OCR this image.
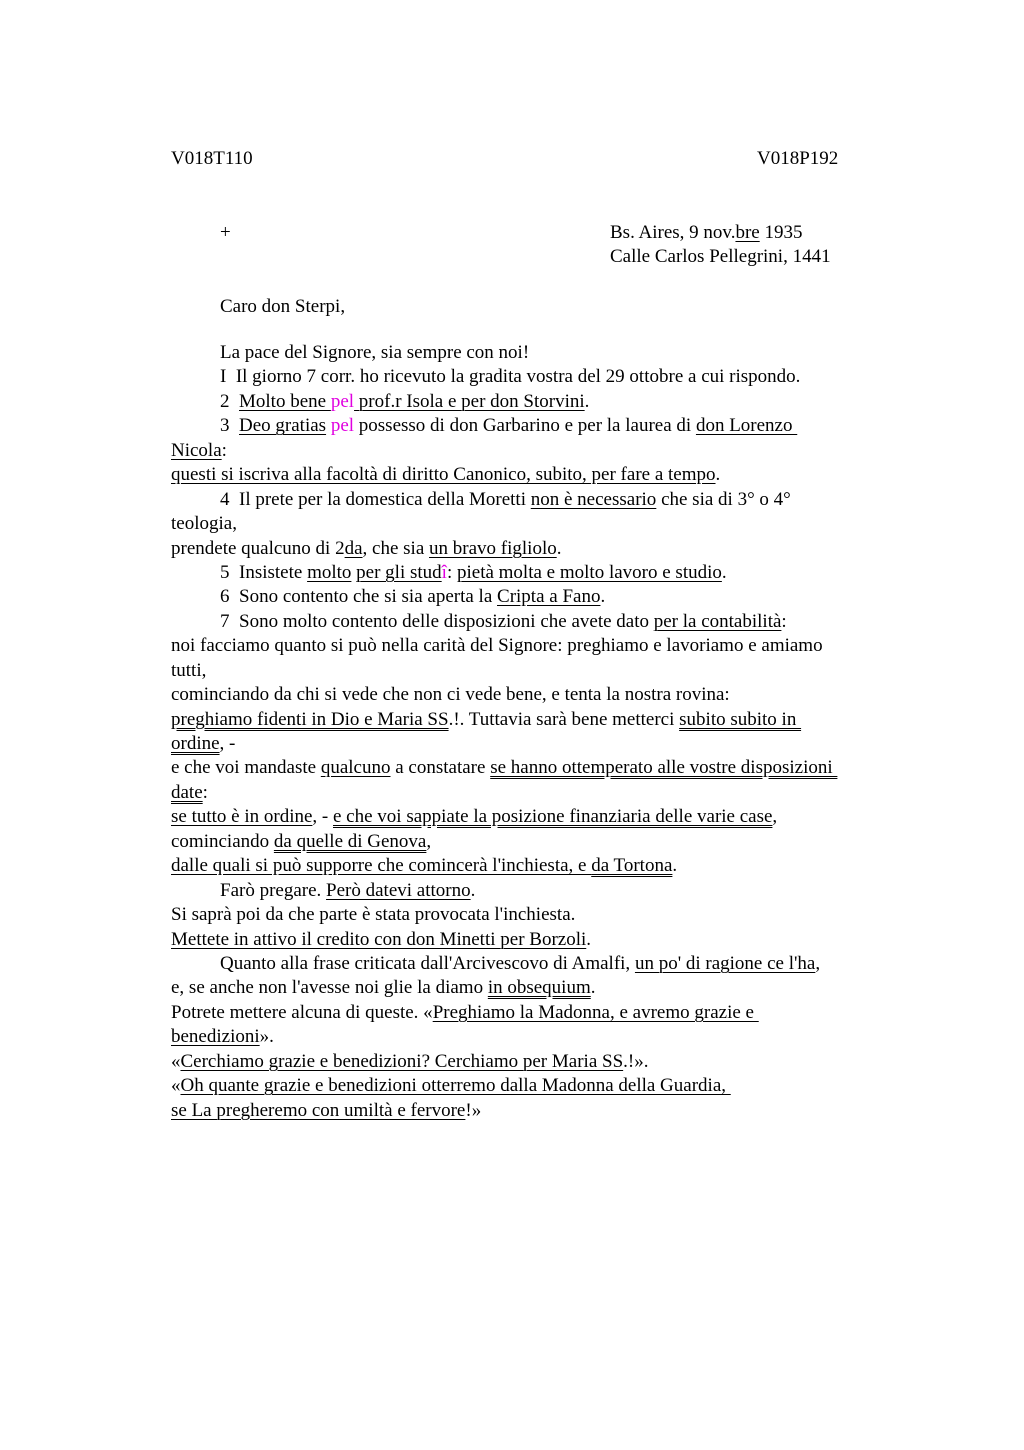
V018T110	V018P192
+	Bs. Aires, 9 nov.bre 1935
Calle Carlos Pellegrini, 1441
Caro don Sterpi,
La pace del Signore, sia sempre con noi!
I  Il giorno 7 corr. ho ricevuto la gradita vostra del 29 ottobre a cui rispondo.
2  Molto bene pel prof.r Isola e per don Storvini.
3  Deo gratias pel possesso di don Garbarino e per la laurea di don Lorenzo
Nicola:
questi si iscriva alla facoltà di diritto Canonico, subito, per fare a tempo.
4  Il prete per la domestica della Moretti non è necessario che sia di 3° o 4°
teologia,
prendete qualcuno di 2da, che sia un bravo figliolo.
5  Insistete molto per gli studî: pietà molta e molto lavoro e studio.
6  Sono contento che si sia aperta la Cripta a Fano.
7  Sono molto contento delle disposizioni che avete dato per la contabilità:
noi facciamo quanto si può nella carità del Signore: preghiamo e lavoriamo e amiamo
tutti,
cominciando da chi si vede che non ci vede bene, e tenta la nostra rovina:
preghiamo fidenti in Dio e Maria SS.!. Tuttavia sarà bene metterci subito subito in
ordine, -
e che voi mandaste qualcuno a constatare se hanno ottemperato alle vostre disposizioni
date:
se tutto è in ordine, - e che voi sappiate la posizione finanziaria delle varie case,
cominciando da quelle di Genova,
dalle quali si può supporre che comincerà l'inchiesta, e da Tortona.
Farò pregare. Però datevi attorno.
Si saprà poi da che parte è stata provocata l'inchiesta.
Mettete in attivo il credito con don Minetti per Borzoli.
Quanto alla frase criticata dall'Arcivescovo di Amalfi, un po' di ragione ce l'ha,
e, se anche non l'avesse noi glie la diamo in obsequium.
Potrete mettere alcuna di queste. «Preghiamo la Madonna, e avremo grazie e
benedizioni».
«Cerchiamo grazie e benedizioni? Cerchiamo per Maria SS.!».
«Oh quante grazie e benedizioni otterremo dalla Madonna della Guardia,
se La pregheremo con umiltà e fervore!»
